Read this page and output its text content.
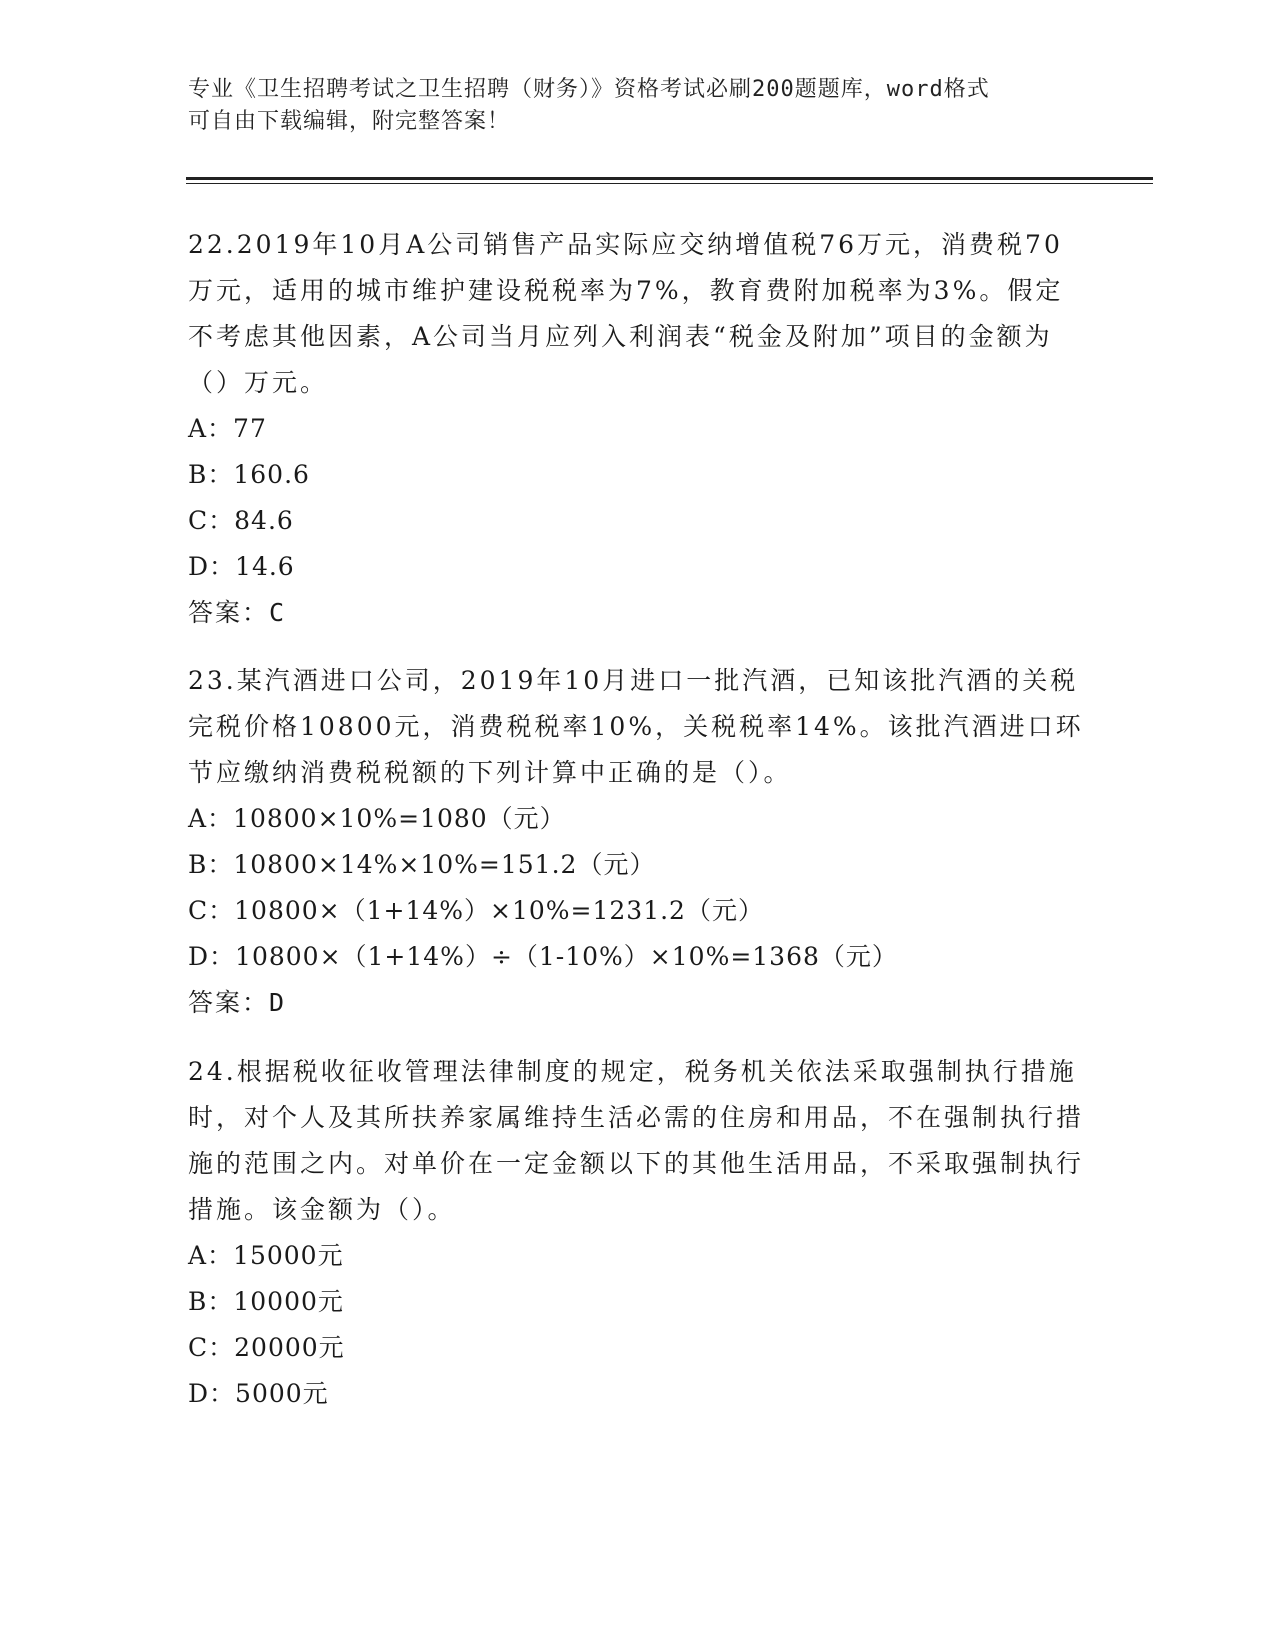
专业《卫生招聘考试之卫生招聘（财务）》资格考试必刷200题题库，word格式
可自由下载编辑，附完整答案！

22.2019年10月A公司销售产品实际应交纳增值税76万元，消费税70万元，适用的城市维护建设税税率为7%，教育费附加税率为3%。假定不考虑其他因素，A公司当月应列入利润表“税金及附加”项目的金额为（）万元。

A：77

B：160.6

C：84.6

D：14.6

答案：C

23.某汽酒进口公司，2019年10月进口一批汽酒，已知该批汽酒的关税完税价格10800元，消费税税率10%，关税税率14%。该批汽酒进口环节应缴纳消费税税额的下列计算中正确的是（）。

A：10800×10%=1080（元）

B：10800×14%×10%=151.2（元）

C：10800×（1+14%）×10%=1231.2（元）

D：10800×（1+14%）÷（1-10%）×10%=1368（元）

答案：D

24.根据税收征收管理法律制度的规定，税务机关依法采取强制执行措施时，对个人及其所扶养家属维持生活必需的住房和用品，不在强制执行措施的范围之内。对单价在一定金额以下的其他生活用品，不采取强制执行措施。该金额为（）。

A：15000元

B：10000元

C：20000元

D：5000元
